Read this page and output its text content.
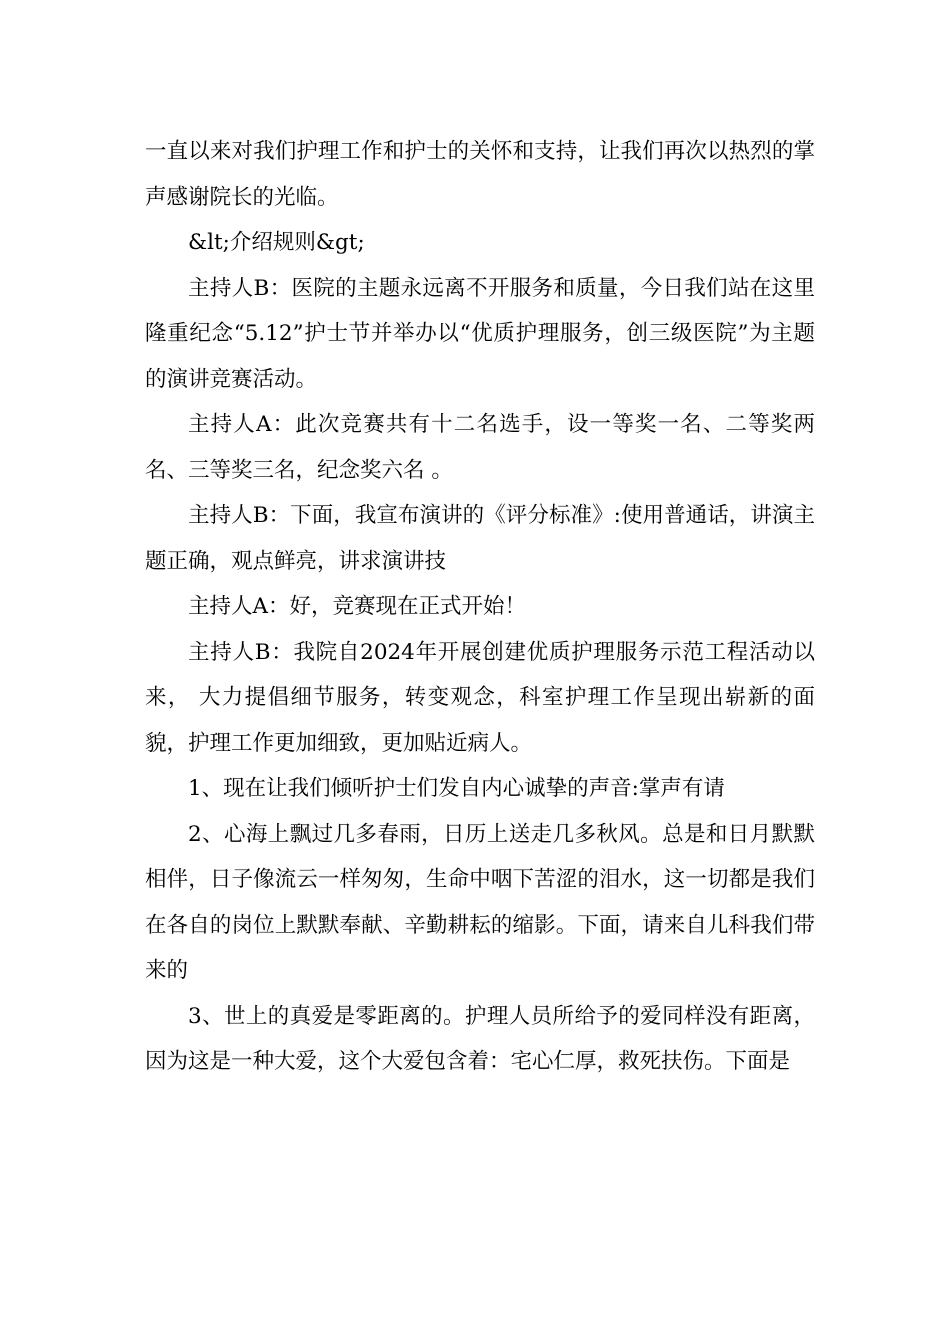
一直以来对我们护理工作和护士的关怀和支持，让我们再次以热烈的掌声感谢院长的光临。

&lt;介绍规则&gt;

主持人B：医院的主题永远离不开服务和质量，今日我们站在这里隆重纪念“5.12”护士节并举办以“优质护理服务，创三级医院”为主题的演讲竞赛活动。

主持人A：此次竞赛共有十二名选手，设一等奖一名、二等奖两名、三等奖三名，纪念奖六名 。

主持人B：下面，我宣布演讲的《评分标准》:使用普通话，讲演主题正确，观点鲜亮，讲求演讲技

主持人A：好，竞赛现在正式开始！

主持人B：我院自2024年开展创建优质护理服务示范工程活动以来， 大力提倡细节服务，转变观念，科室护理工作呈现出崭新的面貌，护理工作更加细致，更加贴近病人。

1、现在让我们倾听护士们发自内心诚挚的声音:掌声有请

2、心海上飘过几多春雨，日历上送走几多秋风。总是和日月默默相伴，日子像流云一样匆匆，生命中咽下苦涩的泪水，这一切都是我们在各自的岗位上默默奉献、辛勤耕耘的缩影。下面，请来自儿科我们带来的

3、世上的真爱是零距离的。护理人员所给予的爱同样没有距离，因为这是一种大爱，这个大爱包含着：宅心仁厚，救死扶伤。下面是
